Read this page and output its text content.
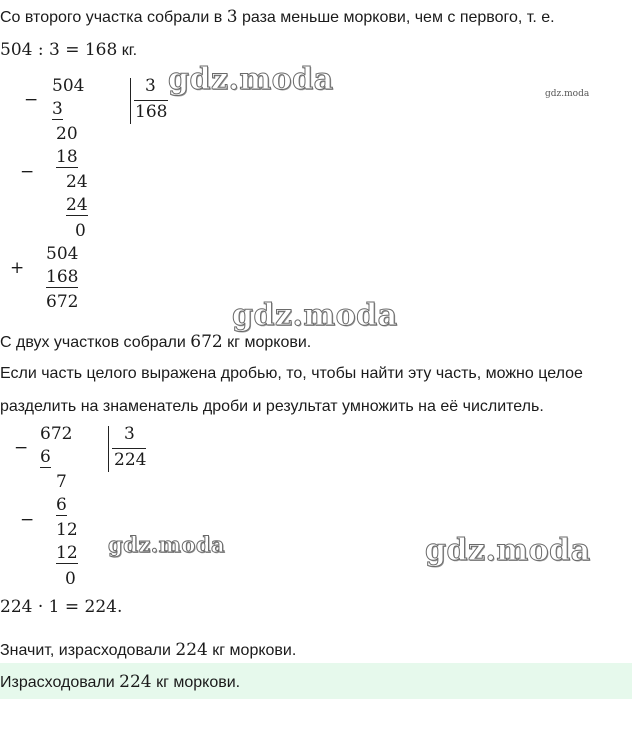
Со второго участка собрали в 3 раза меньше моркови, чем с первого, т. е.
504 : 3 = 168 кг.
−
504
3
20
−
18
24
24
0
3
168
+
504
168
672
С двух участков собрали 672 кг моркови.
Если часть целого выражена дробью, то, чтобы найти эту часть, можно целое
разделить на знаменатель дроби и результат умножить на её числитель.
−
672
6
7
−
6
12
12
0
3
224
224 · 1 = 224.
Значит, израсходовали 224 кг моркови.
Израсходовали 224 кг моркови.
gdz.moda	gdz.moda
gdz.moda
gdz.moda	gdz.moda
